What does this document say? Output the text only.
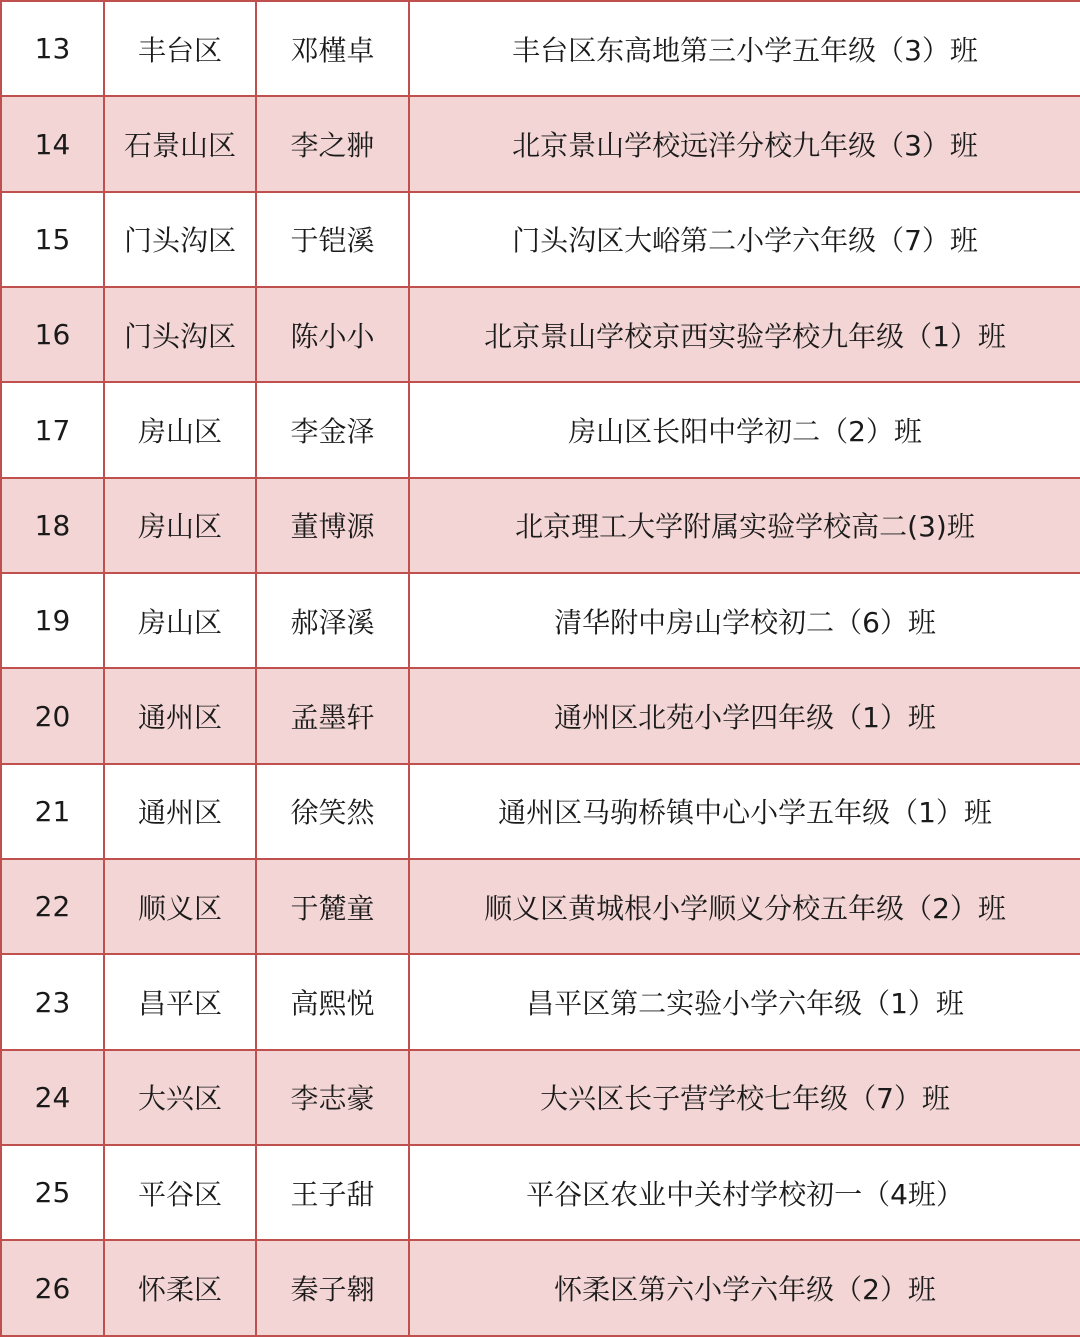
13	丰台区	邓槿卓	丰台区东高地第三小学五年级（3）班
14	石景山区	李之翀	北京景山学校远洋分校九年级（3）班
15	门头沟区	于铠溪	门头沟区大峪第二小学六年级（7）班
16	门头沟区	陈小小	北京景山学校京西实验学校九年级（1）班
17	房山区	李金泽	房山区长阳中学初二（2）班
18	房山区	董博源	北京理工大学附属实验学校高二(3)班
19	房山区	郝泽溪	清华附中房山学校初二（6）班
20	通州区	孟墨轩	通州区北苑小学四年级（1）班
21	通州区	徐笑然	通州区马驹桥镇中心小学五年级（1）班
22	顺义区	于麓童	顺义区黄城根小学顺义分校五年级（2）班
23	昌平区	高熙悦	昌平区第二实验小学六年级（1）班
24	大兴区	李志豪	大兴区长子营学校七年级（7）班
25	平谷区	王子甜	平谷区农业中关村学校初一（4班）
26	怀柔区	秦子翱	怀柔区第六小学六年级（2）班
